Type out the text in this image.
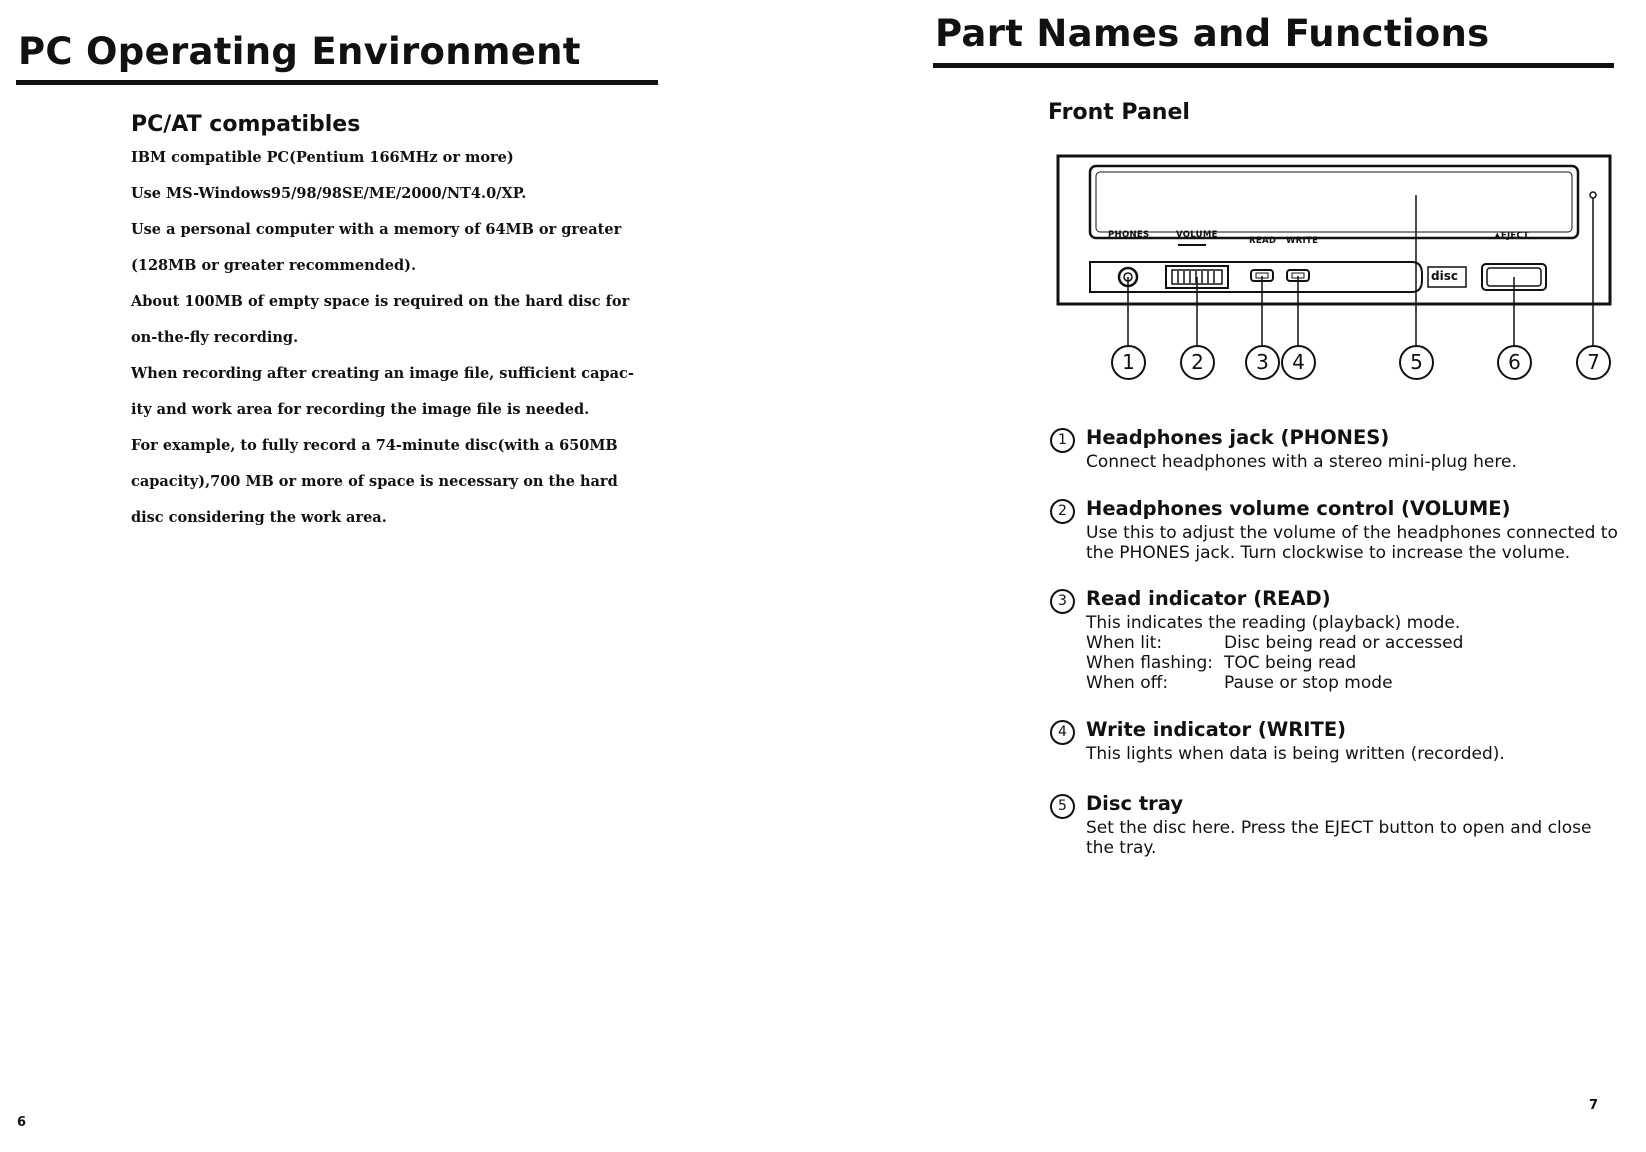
PC Operating Environment
PC/AT compatibles
IBM compatible PC(Pentium 166MHz or more)
Use MS-Windows95/98/98SE/ME/2000/NT4.0/XP.
Use a personal computer with a memory of 64MB or greater
(128MB or greater recommended).
About 100MB of empty space is required on the hard disc for
on-the-fly recording.
When recording after creating an image file, sufficient capac-
ity and work area for recording the image file is needed.
For example, to fully record a 74-minute disc(with a 650MB
capacity),700 MB or more of space is necessary on the hard
disc considering the work area.
6
Part Names and Functions
Front Panel
PHONES	VOLUME
READ WRITE	▲EJECT
disc
1	2	3	4	5	6	7
1 Headphones jack (PHONES)
Connect headphones with a stereo mini-plug here.
2 Headphones volume control (VOLUME)
Use this to adjust the volume of the headphones connected to
the PHONES jack. Turn clockwise to increase the volume.
3 Read indicator (READ)
This indicates the reading (playback) mode.
When lit:	Disc being read or accessed
When flashing: TOC being read
When off:	Pause or stop mode
4 Write indicator (WRITE)
This lights when data is being written (recorded).
5 Disc tray
Set the disc here. Press the EJECT button to open and close
the tray.
7
